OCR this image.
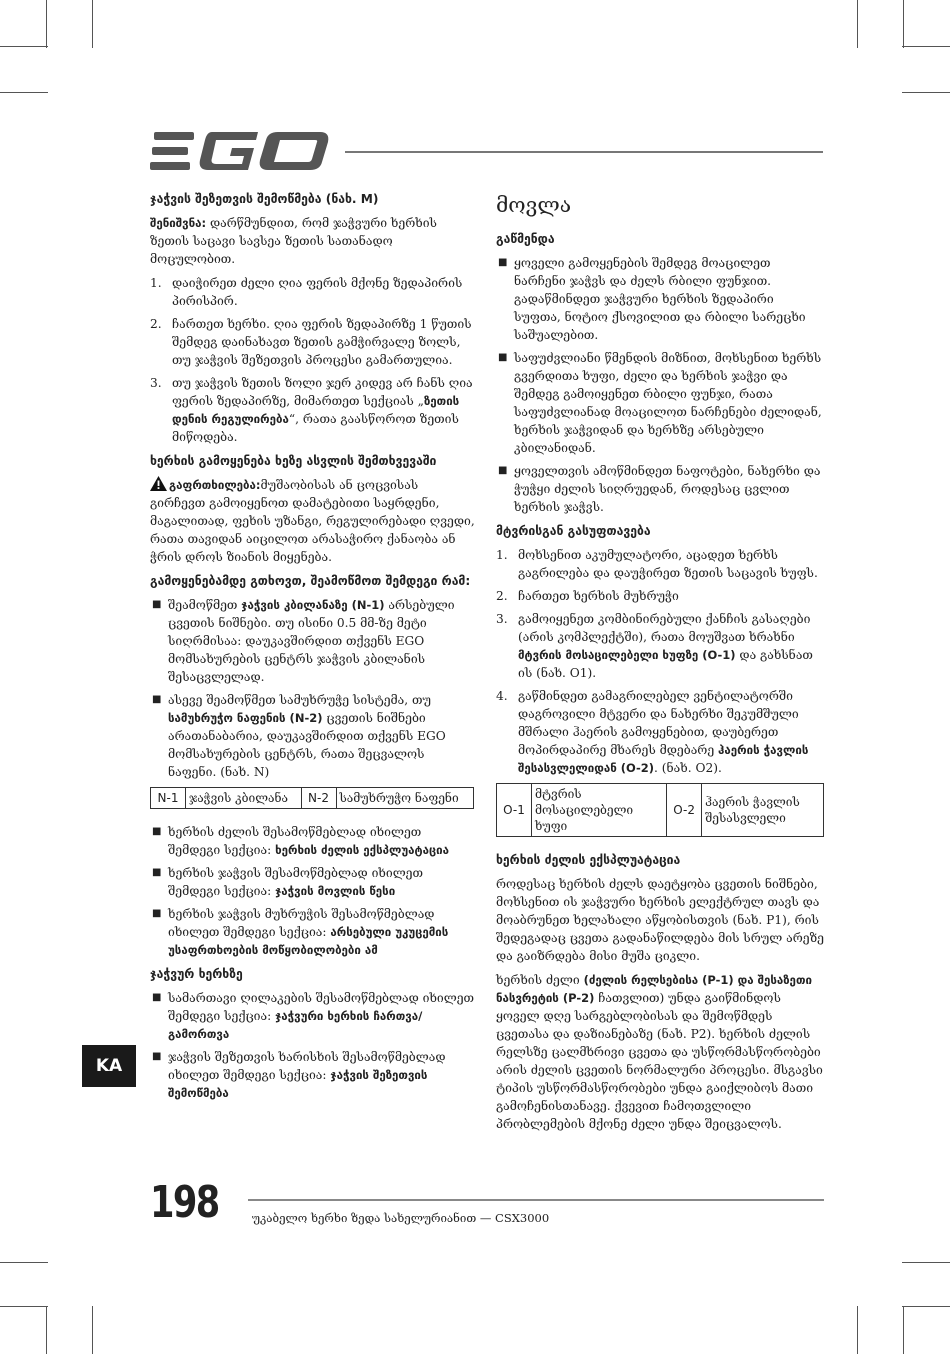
ჯაჭვის შეზეთვის შემოწმება (ნახ. M)

შენიშვნა: დარწმუნდით, რომ ჯაჭვური ხერხის ზეთის საცავი სავსეა ზეთის სათანადო მოცულობით.

1. დაიჭირეთ ძელი ღია ფერის მქონე ზედაპირის პირისპირ.
2. ჩართეთ ხერხი. ღია ფერის ზედაპირზე 1 წუთის შემდეგ დაინახავთ ზეთის გამჭირვალე ზოლს, თუ ჯაჭვის შეზეთვის პროცესი გამართულია.
3. თუ ჯაჭვის ზეთის ზოლი ჯერ კიდევ არ ჩანს ღია ფერის ზედაპირზე, მიმართეთ სექციას „ზეთის დენის რეგულირება“, რათა გაასწოროთ ზეთის მიწოდება.
ხერხის გამოყენება ხეზე ასვლის შემთხვევაში

გაფრთხილება:მუშაობისას ან ცოცვისას გირჩევთ გამოიყენოთ დამატებითი საყრდენი, მაგალითად, ფეხის უზანგი, რეგულირებადი ღვედი, რათა თავიდან აიცილოთ არასაჭირო ქანაობა ან ჭრის დროს ზიანის მიყენება.

გამოყენებამდე გთხოვთ, შეამოწმოთ შემდეგი რამ:
■ შეამოწმეთ ჯაჭვის კბილანაზე (N-1) არსებული ცვეთის ნიშნები. თუ ისინი 0.5 მმ-ზე მეტი სიღრმისაა: დაუკავშირდით თქვენს EGO მომსახურების ცენტრს ჯაჭვის კბილანის შესაცვლელად.
■ ასევე შეამოწმეთ სამუხრუჭე სისტემა, თუ სამუხრუჭო ნაფენის (N-2) ცვეთის ნიშნები არათანაბარია, დაუკავშირდით თქვენს EGO მომსახურების ცენტრს, რათა შეცვალოს ნაფენი. (ნახ. N)
N-1	ჯაჭვის კბილანა	N-2	სამუხრუჭო ნაფენი
■ ხერხის ძელის შესამოწმებლად იხილეთ შემდეგი სექცია: ხერხის ძელის ექსპლუატაცია
■ ხერხის ჯაჭვის შესამოწმებლად იხილეთ შემდეგი სექცია: ჯაჭვის მოვლის წესი
■ ხერხის ჯაჭვის მუხრუჭის შესამოწმებლად იხილეთ შემდეგი სექცია: არსებული უკუცემის უსაფრთხოების მოწყობილობები ამ
ჯაჭვურ ხერხზე
■ სამართავი ღილაკების შესამოწმებლად იხილეთ შემდეგი სექცია: ჯაჭვური ხერხის ჩართვა/გამორთვა
■ ჯაჭვის შეზეთვის ხარისხის შესამოწმებლად იხილეთ შემდეგი სექცია: ჯაჭვის შეზეთვის შემოწმება
მოვლა
გაწმენდა
■ ყოველი გამოყენების შემდეგ მოაცილეთ ნარჩენი ჯაჭვს და ძელს რბილი ფუნჯით. გადაწმინდეთ ჯაჭვური ხერხის ზედაპირი სუფთა, ნოტიო ქსოვილით და რბილი სარეცხი საშუალებით.
■ საფუძვლიანი წმენდის მიზნით, მოხსენით ხერხს გვერდითა ხუფი, ძელი და ხერხის ჯაჭვი და შემდეგ გამოიყენეთ რბილი ფუნჯი, რათა საფუძვლიანად მოაცილოთ ნარჩენები ძელიდან, ხერხის ჯაჭვიდან და ხერხზე არსებული კბილანიდან.
■ ყოველთვის ამოწმინდეთ ნაფოტები, ნახერხი და ჭუჭყი ძელის სიღრუედან, როდესაც ცვლით ხერხის ჯაჭვს.
მტვრისგან გასუფთავება
1. მოხსენით აკუმულატორი, აცადეთ ხერხს გაგრილება და დაუჭირეთ ზეთის საცავის ხუფს.
2. ჩართეთ ხერხის მუხრუჭი
3. გამოიყენეთ კომბინირებული ქანჩის გასაღები (არის კომპლექტში), რათა მოუშვათ ხრახნი მტვრის მოსაცილებელი ხუფზე (O-1) და გახსნათ ის (ნახ. O1).
4. გაწმინდეთ გამაგრილებელ ვენტილატორში დაგროვილი მტვერი და ნახერხი შეკუმშული მშრალი ჰაერის გამოყენებით, დაუბერეთ მოპირდაპირე მხარეს მდებარე ჰაერის ჭავლის შესასვლელიდან (O-2). (ნახ. O2).
O-1	მტვრის მოსაცილებელი ხუფი	O-2	ჰაერის ჭავლის შესასვლელი
ხერხის ძელის ექსპლუატაცია

როდესაც ხერხის ძელს დაეტყობა ცვეთის ნიშნები, მოხსენით ის ჯაჭვური ხერხის ელექტრულ თავს და მოაბრუნეთ ხელახალი აწყობისთვის (ნახ. P1), რის შედეგადაც ცვეთა გადანაწილდება მის სრულ არეზე და გაიზრდება მისი მუშა ციკლი.

ხერხის ძელი (ძელის რელსებისა (P-1) და შესაზეთი ნასვრეტის (P-2) ჩათვლით) უნდა გაიწმინდოს ყოველ დღე სარგებლობისას და შემოწმდეს ცვეთასა და დაზიანებაზე (ნახ. P2). ხერხის ძელის რელსზე ცალმხრივი ცვეთა და უსწორმასწორობები არის ძელის ცვეთის ნორმალური პროცესი. მსგავსი ტიპის უსწორმასწორობები უნდა გაიქლიბოს მათი გამოჩენისთანავე. ქვევით ჩამოთვლილი პრობლემების მქონე ძელი უნდა შეიცვალოს.

KA
198	უკაბელო ხერხი ზედა სახელურიანით — CSX3000
